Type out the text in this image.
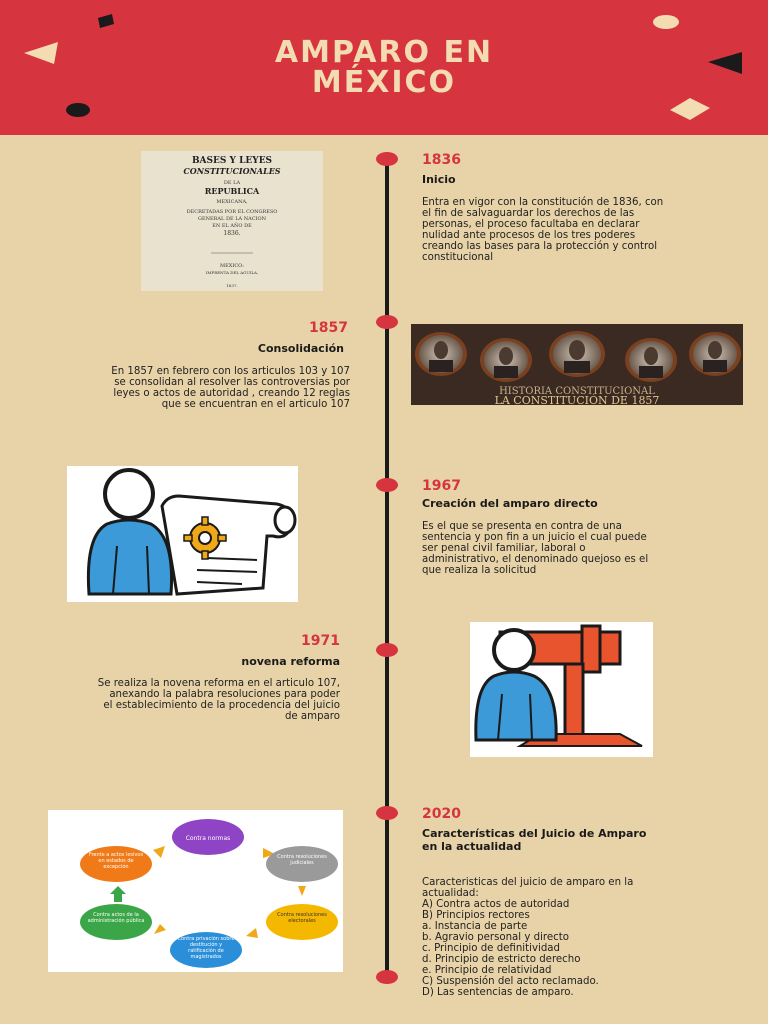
AMPARO EN
MÉXICO
1836
Inicio
Entra en vigor con la constitución de 1836, con
el fin de salvaguardar los derechos de las
personas, el proceso facultaba en declarar
nulidad ante procesos de los tres poderes
creando las bases para la protección y control
constitucional
BASES Y LEYES
CONSTITUCIONALES
DE LA
REPUBLICA
MEXICANA,
DECRETADAS POR EL CONGRESO
GENERAL DE LA NACION
EN EL AÑO DE
1836.
MEXICO:
IMPRENTA DEL AGUILA,
1837.
1857
Consolidación
En 1857 en febrero con los articulos 103 y 107
se consolidan al resolver las controversias por
leyes o actos de autoridad , creando 12 reglas
que se encuentran en el articulo 107
HISTORIA CONSTITUCIONAL
LA CONSTITUCIÓN DE 1857
1967
Creación del amparo directo
Es el que se presenta en contra de una
sentencia y pon fin a un juicio el cual puede
ser penal civil familiar, laboral o
administrativo, el denominado quejoso es el
que realiza la solicitud
1971
novena reforma
Se realiza la novena reforma en el articulo 107,
anexando la palabra resoluciones para poder
el establecimiento de la procedencia del juicio
de amparo
2020
Características del Juicio de Amparo
en la actualidad
Caracteristicas del juicio de amparo en la
actualidad:
A) Contra actos de autoridad
B) Principios rectores
a. Instancia de parte
b. Agravio personal y directo
c. Principio de definitividad
d. Principio de estricto derecho
e. Principio de relatividad
C) Suspensión del acto reclamado.
D) Las sentencias de amparo.
Contra normas
Contra resoluciones judiciales
Contra resoluciones electorales
Contra privación sobre destitución y ratificación de magistrados
Contra actos de la administración pública
Frente a actos lesivos en estados de excepción
